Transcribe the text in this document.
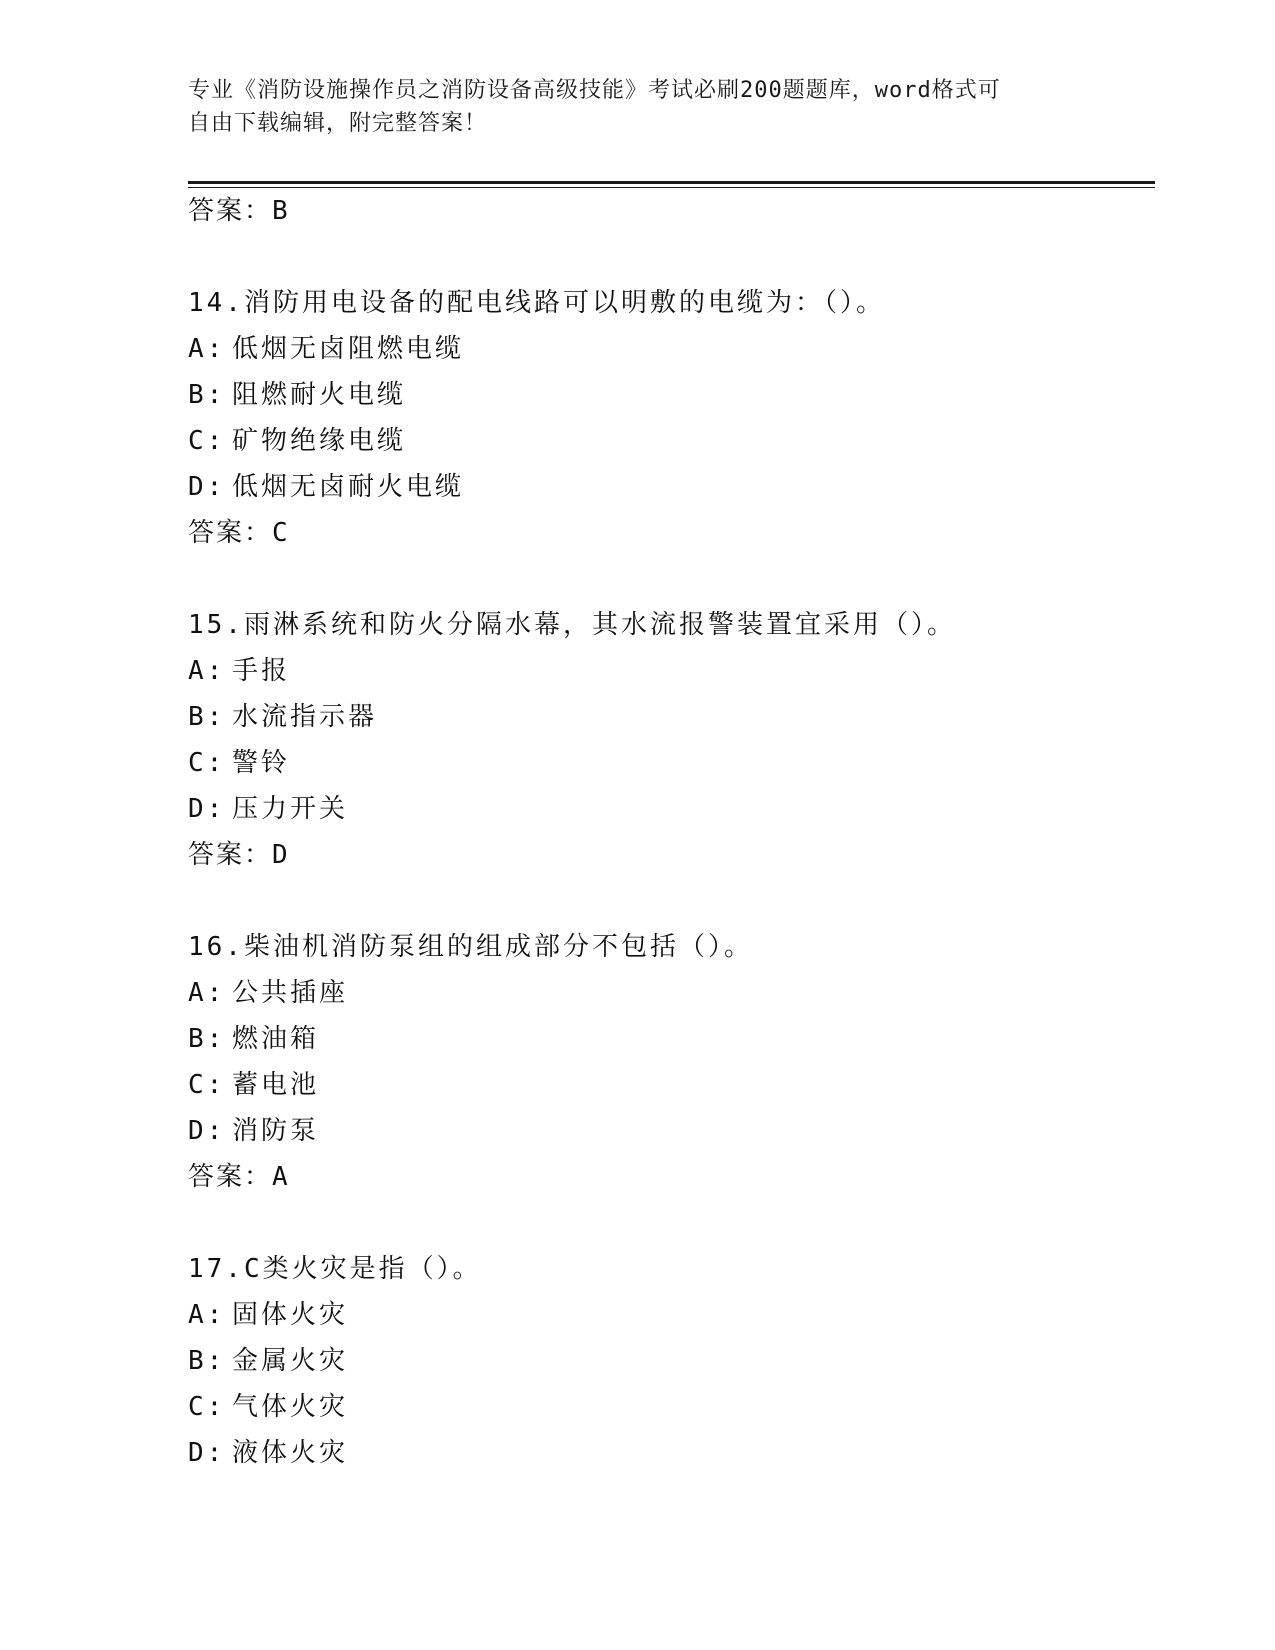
专业《消防设施操作员之消防设备高级技能》考试必刷200题题库，word格式可
自由下载编辑，附完整答案！

答案：B

14.消防用电设备的配电线路可以明敷的电缆为：（）。

A: 低烟无卤阻燃电缆

B: 阻燃耐火电缆

C: 矿物绝缘电缆

D: 低烟无卤耐火电缆

答案：C

15.雨淋系统和防火分隔水幕，其水流报警装置宜采用（）。

A: 手报

B: 水流指示器

C: 警铃

D: 压力开关

答案：D

16.柴油机消防泵组的组成部分不包括（）。

A: 公共插座

B: 燃油箱

C: 蓄电池

D: 消防泵

答案：A

17.C类火灾是指（）。

A: 固体火灾

B: 金属火灾

C: 气体火灾

D: 液体火灾
